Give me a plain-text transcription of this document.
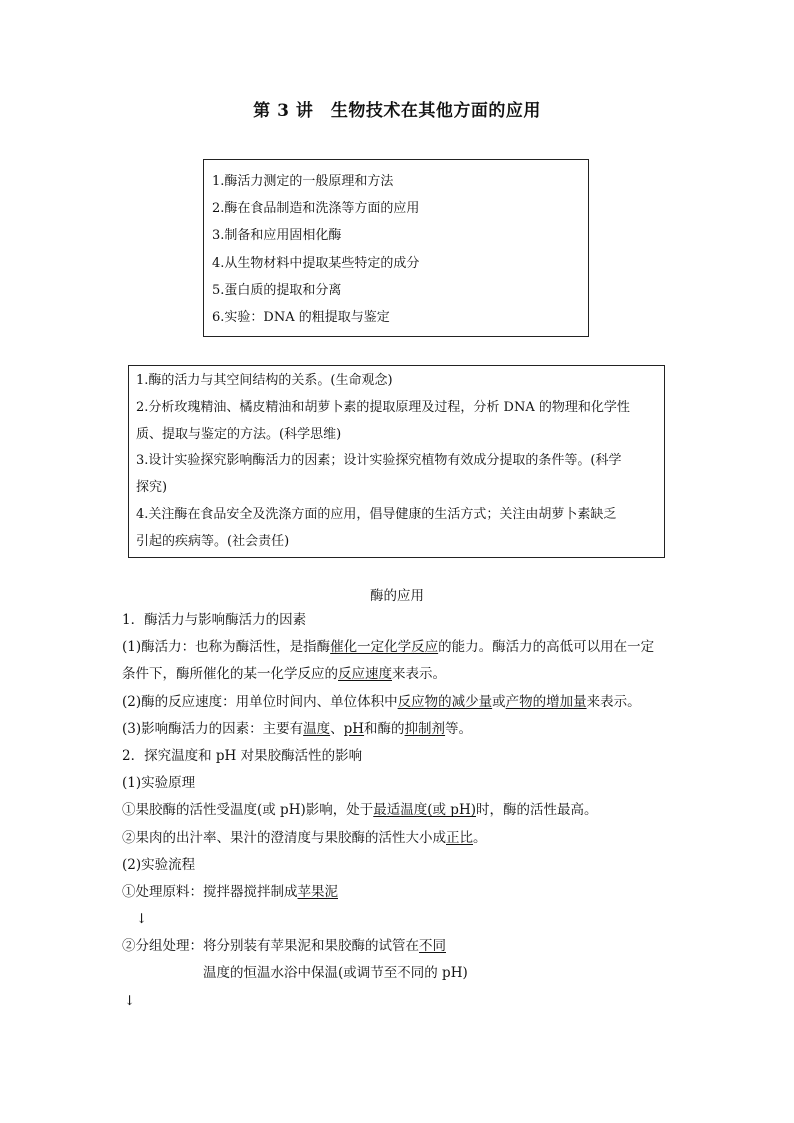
第 3 讲　生物技术在其他方面的应用
1.酶活力测定的一般原理和方法
2.酶在食品制造和洗涤等方面的应用
3.制备和应用固相化酶
4.从生物材料中提取某些特定的成分
5.蛋白质的提取和分离
6.实验：DNA 的粗提取与鉴定
1.酶的活力与其空间结构的关系。(生命观念)
2.分析玫瑰精油、橘皮精油和胡萝卜素的提取原理及过程，分析 DNA 的物理和化学性
质、提取与鉴定的方法。(科学思维)
3.设计实验探究影响酶活力的因素；设计实验探究植物有效成分提取的条件等。(科学
探究)
4.关注酶在食品安全及洗涤方面的应用，倡导健康的生活方式；关注由胡萝卜素缺乏
引起的疾病等。(社会责任)
酶的应用
1．酶活力与影响酶活力的因素
(1)酶活力：也称为酶活性，是指酶催化一定化学反应的能力。酶活力的高低可以用在一定
条件下，酶所催化的某一化学反应的反应速度来表示。
(2)酶的反应速度：用单位时间内、单位体积中反应物的减少量或产物的增加量来表示。
(3)影响酶活力的因素：主要有温度、pH和酶的抑制剂等。
2．探究温度和 pH 对果胶酶活性的影响
(1)实验原理
①果胶酶的活性受温度(或 pH)影响，处于最适温度(或 pH)时，酶的活性最高。
②果肉的出汁率、果汁的澄清度与果胶酶的活性大小成正比。
(2)实验流程
①处理原料：搅拌器搅拌制成苹果泥
↓
②分组处理：将分别装有苹果泥和果胶酶的试管在不同
温度的恒温水浴中保温(或调节至不同的 pH)
↓
